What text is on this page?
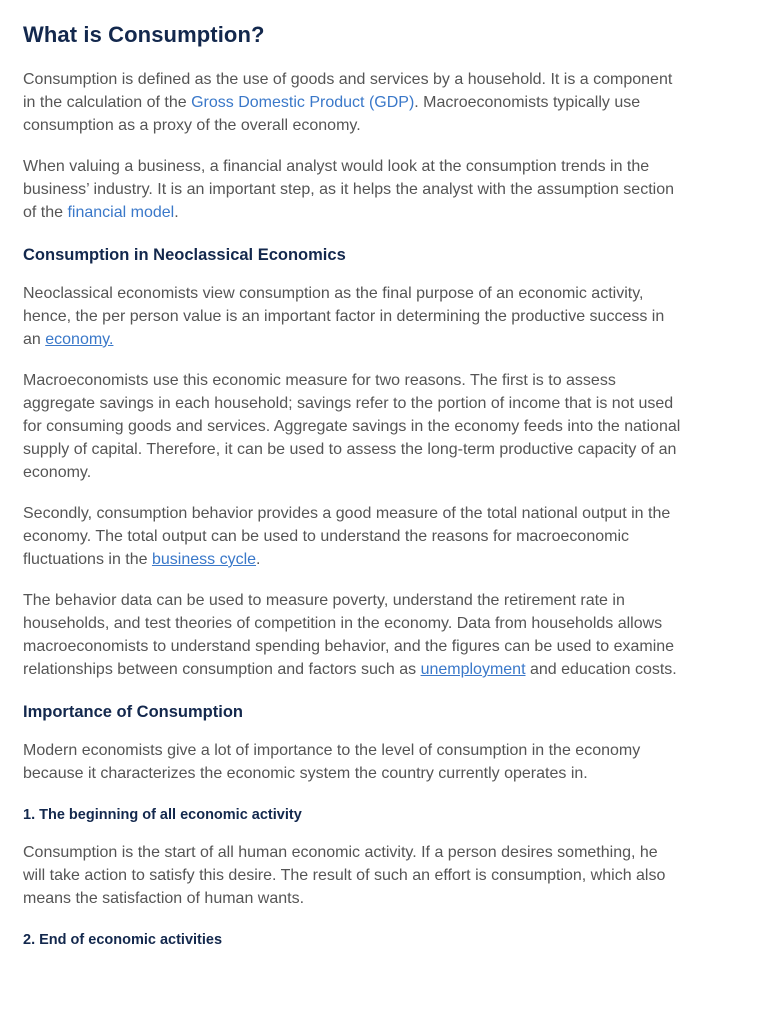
What is Consumption?

Consumption is defined as the use of goods and services by a household. It is a component in the calculation of the Gross Domestic Product (GDP). Macroeconomists typically use consumption as a proxy of the overall economy.

When valuing a business, a financial analyst would look at the consumption trends in the business’ industry. It is an important step, as it helps the analyst with the assumption section of the financial model.

Consumption in Neoclassical Economics

Neoclassical economists view consumption as the final purpose of an economic activity, hence, the per person value is an important factor in determining the productive success in an economy.

Macroeconomists use this economic measure for two reasons. The first is to assess aggregate savings in each household; savings refer to the portion of income that is not used for consuming goods and services. Aggregate savings in the economy feeds into the national supply of capital. Therefore, it can be used to assess the long-term productive capacity of an economy.

Secondly, consumption behavior provides a good measure of the total national output in the economy. The total output can be used to understand the reasons for macroeconomic fluctuations in the business cycle.

The behavior data can be used to measure poverty, understand the retirement rate in households, and test theories of competition in the economy. Data from households allows macroeconomists to understand spending behavior, and the figures can be used to examine relationships between consumption and factors such as unemployment and education costs.

Importance of Consumption

Modern economists give a lot of importance to the level of consumption in the economy because it characterizes the economic system the country currently operates in.

1. The beginning of all economic activity

Consumption is the start of all human economic activity. If a person desires something, he will take action to satisfy this desire. The result of such an effort is consumption, which also means the satisfaction of human wants.

2. End of economic activities
